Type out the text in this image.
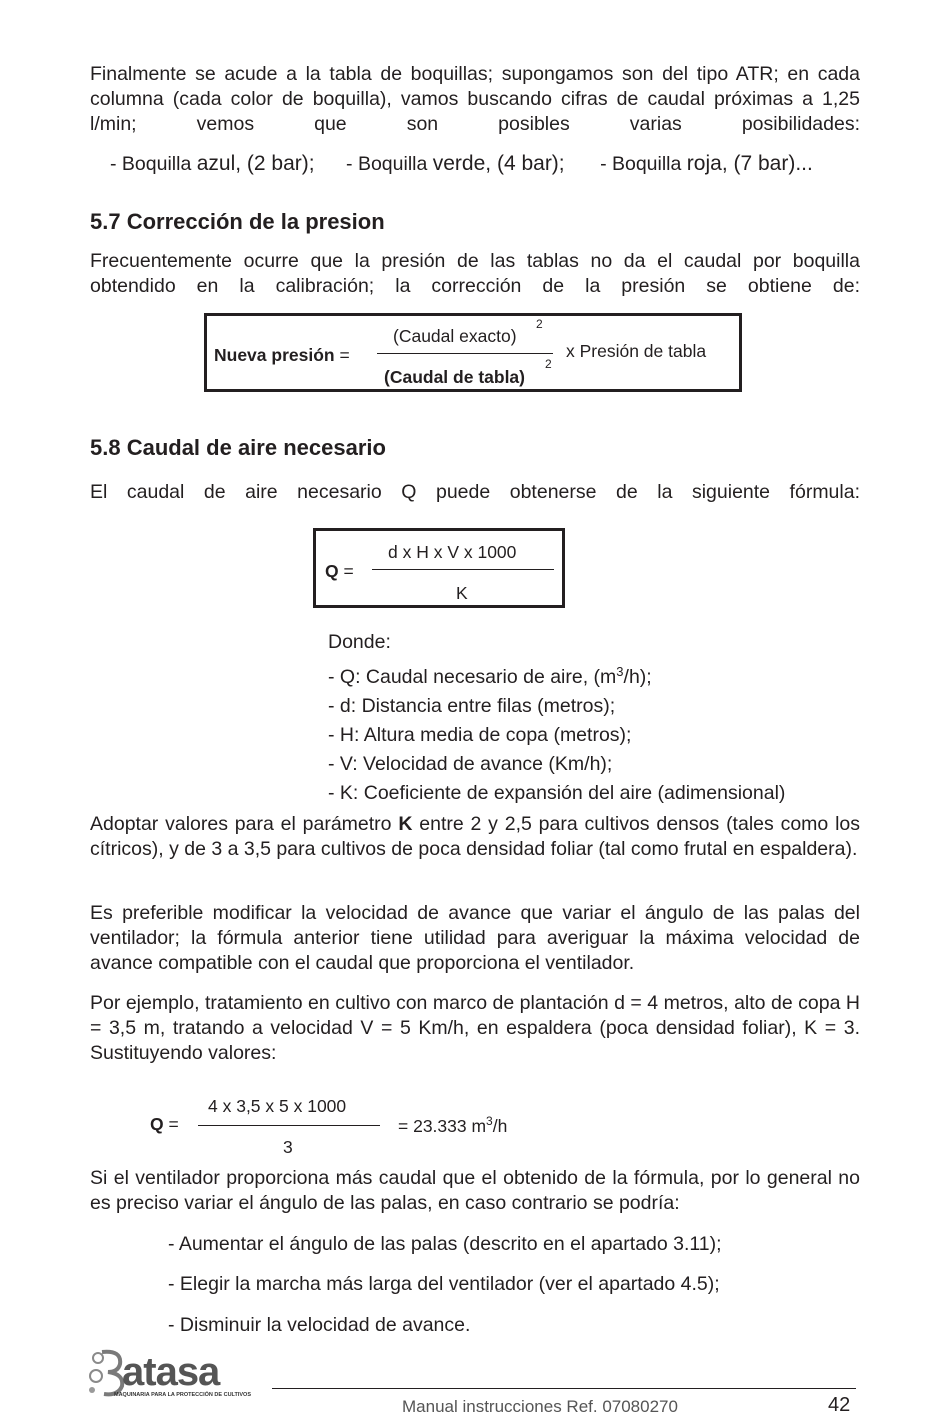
Finalmente se acude a la tabla de boquillas; supongamos son del tipo ATR; en cada columna (cada color de boquilla), vamos buscando cifras de caudal próximas a 1,25 l/min; vemos que son posibles varias posibilidades:

- Boquilla azul, (2 bar); - Boquilla verde, (4 bar); - Boquilla roja, (7 bar)...
5.7 Corrección de la presion

Frecuentemente ocurre que la presión de las tablas no da el caudal por boquilla obtendido en la calibración; la corrección de la presión se obtiene de:

Nueva presión =
(Caudal exacto)
2
(Caudal de tabla)
2
x Presión de tabla
5.8 Caudal de aire necesario

El caudal de aire necesario Q puede obtenerse de la siguiente fórmula:

Q =
d x H x V x 1000
K
Donde:
- Q: Caudal necesario de aire, $(m^3/h)$;
- d: Distancia entre filas (metros);
- H: Altura media de copa (metros);
- V: Velocidad de avance (Km/h);
- K: Coeficiente de expansión del aire (adimensional)

Adoptar valores para el parámetro K entre 2 y 2,5 para cultivos densos (tales como los cítricos), y de 3 a 3,5 para cultivos de poca densidad foliar (tal como frutal en espaldera).

Es preferible modificar la velocidad de avance que variar el ángulo de las palas del ventilador; la fórmula anterior tiene utilidad para averiguar la máxima velocidad de avance compatible con el caudal que proporciona el ventilador.

Por ejemplo, tratamiento en cultivo con marco de plantación d = 4 metros, alto de copa H = 3,5 m, tratando a velocidad V = 5 Km/h, en espaldera (poca densidad foliar), K = 3. Sustituyendo valores:

Q =
4 x 3,5 x 5 x 1000
3
= 23.333 $m^3/h$

Si el ventilador proporciona más caudal que el obtenido de la fórmula, por lo general no es preciso variar el ángulo de las palas, en caso contrario se podría:

- Aumentar el ángulo de las palas (descrito en el apartado 3.11);
- Elegir la marcha más larga del ventilador (ver el apartado 4.5);
- Disminuir la velocidad de avance.
atasa
MAQUINARIA PARA LA PROTECCIÓN DE CULTIVOS
Manual instrucciones Ref. 07080270	42
